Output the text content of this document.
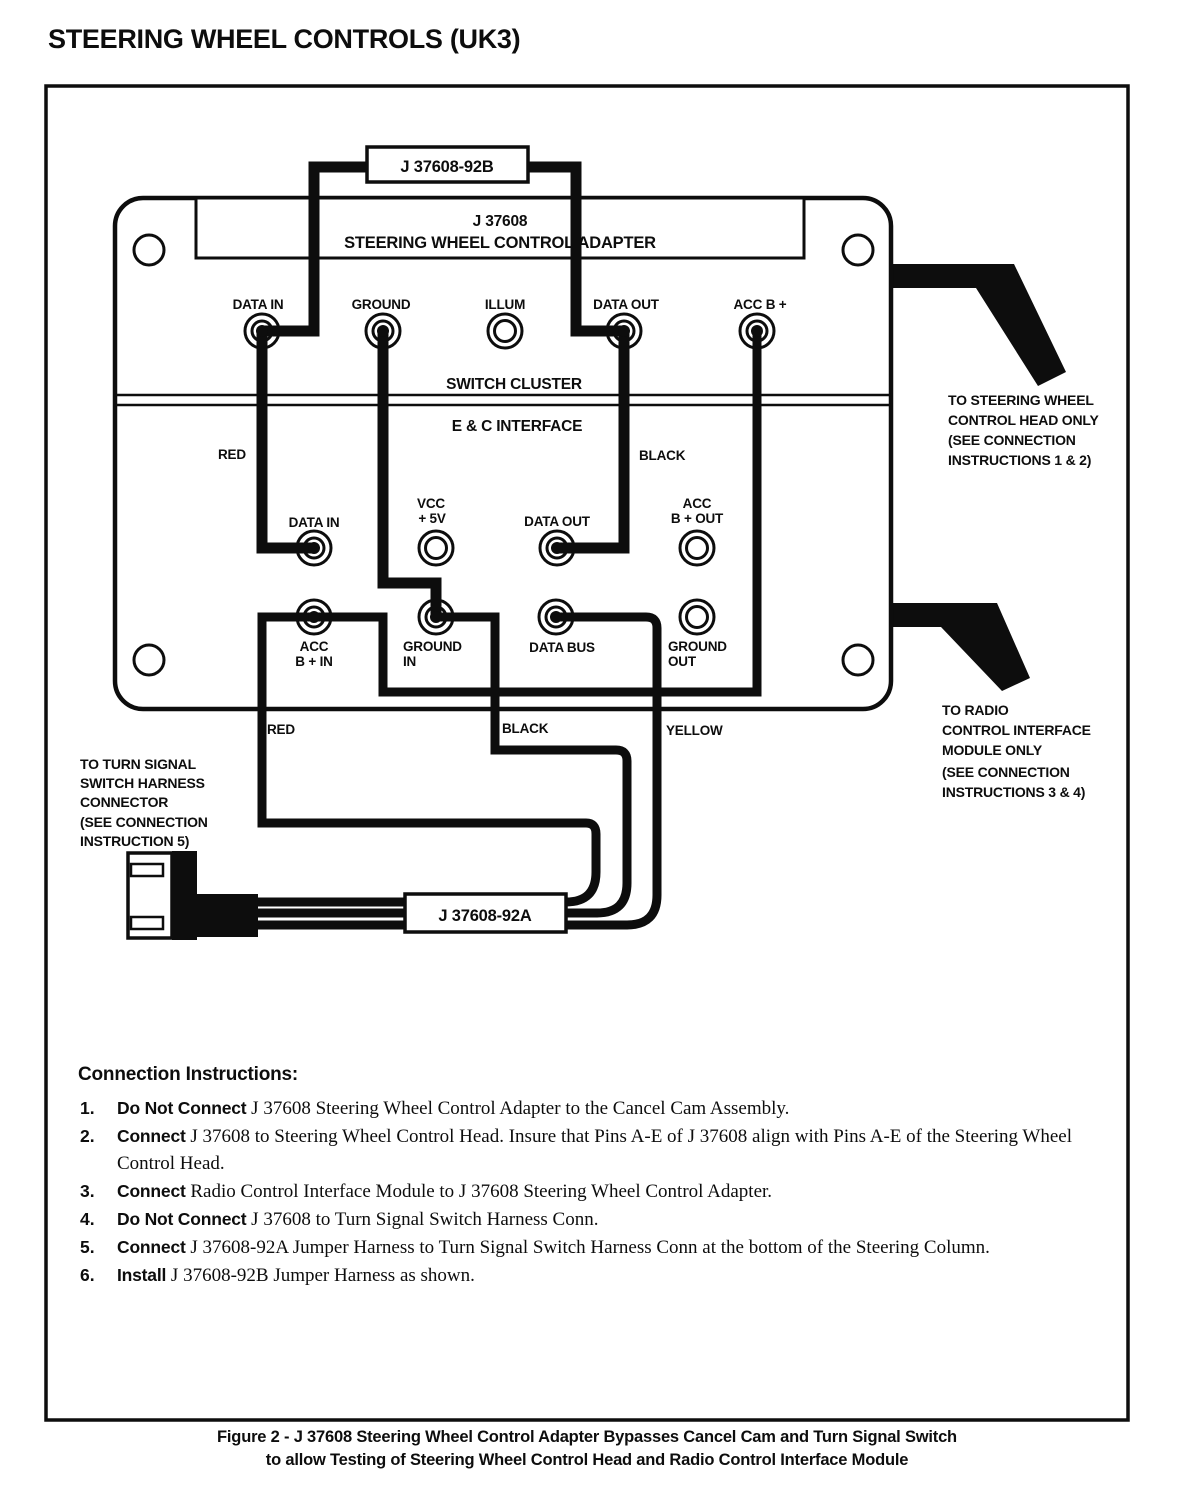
STEERING WHEEL CONTROLS (UK3)
J 37608
STEERING WHEEL CONTROL ADAPTER
SWITCH CLUSTER
E & C INTERFACE
DATA IN	GROUND	ILLUM	DATA OUT	ACC B +
DATA IN
VCC
+ 5V	DATA OUT
ACC
B + OUT
ACC
B + IN
GROUND
IN
DATA BUS	GROUND
OUT
RED	BLACK
RED	BLACK	YELLOW
J 37608-92B
J 37608-92A
TO STEERING WHEEL
CONTROL HEAD ONLY
(SEE CONNECTION
INSTRUCTIONS 1 & 2)
TO RADIO
CONTROL INTERFACE
MODULE ONLY
(SEE CONNECTION
INSTRUCTIONS 3 & 4)
TO TURN SIGNAL
SWITCH HARNESS
CONNECTOR
(SEE CONNECTION
INSTRUCTION 5)

Connection Instructions:

1. Do Not Connect J 37608 Steering Wheel Control Adapter to the Cancel Cam Assembly.
2. Connect J 37608 to Steering Wheel Control Head. Insure that Pins A-E of J 37608 align with Pins A-E of the Steering Wheel Control Head.
3. Connect Radio Control Interface Module to J 37608 Steering Wheel Control Adapter.
4. Do Not Connect J 37608 to Turn Signal Switch Harness Conn.
5. Connect J 37608-92A Jumper Harness to Turn Signal Switch Harness Conn at the bottom of the Steering Column.
6. Install J 37608-92B Jumper Harness as shown.
Figure 2 - J 37608 Steering Wheel Control Adapter Bypasses Cancel Cam and Turn Signal Switch
to allow Testing of Steering Wheel Control Head and Radio Control Interface Module
